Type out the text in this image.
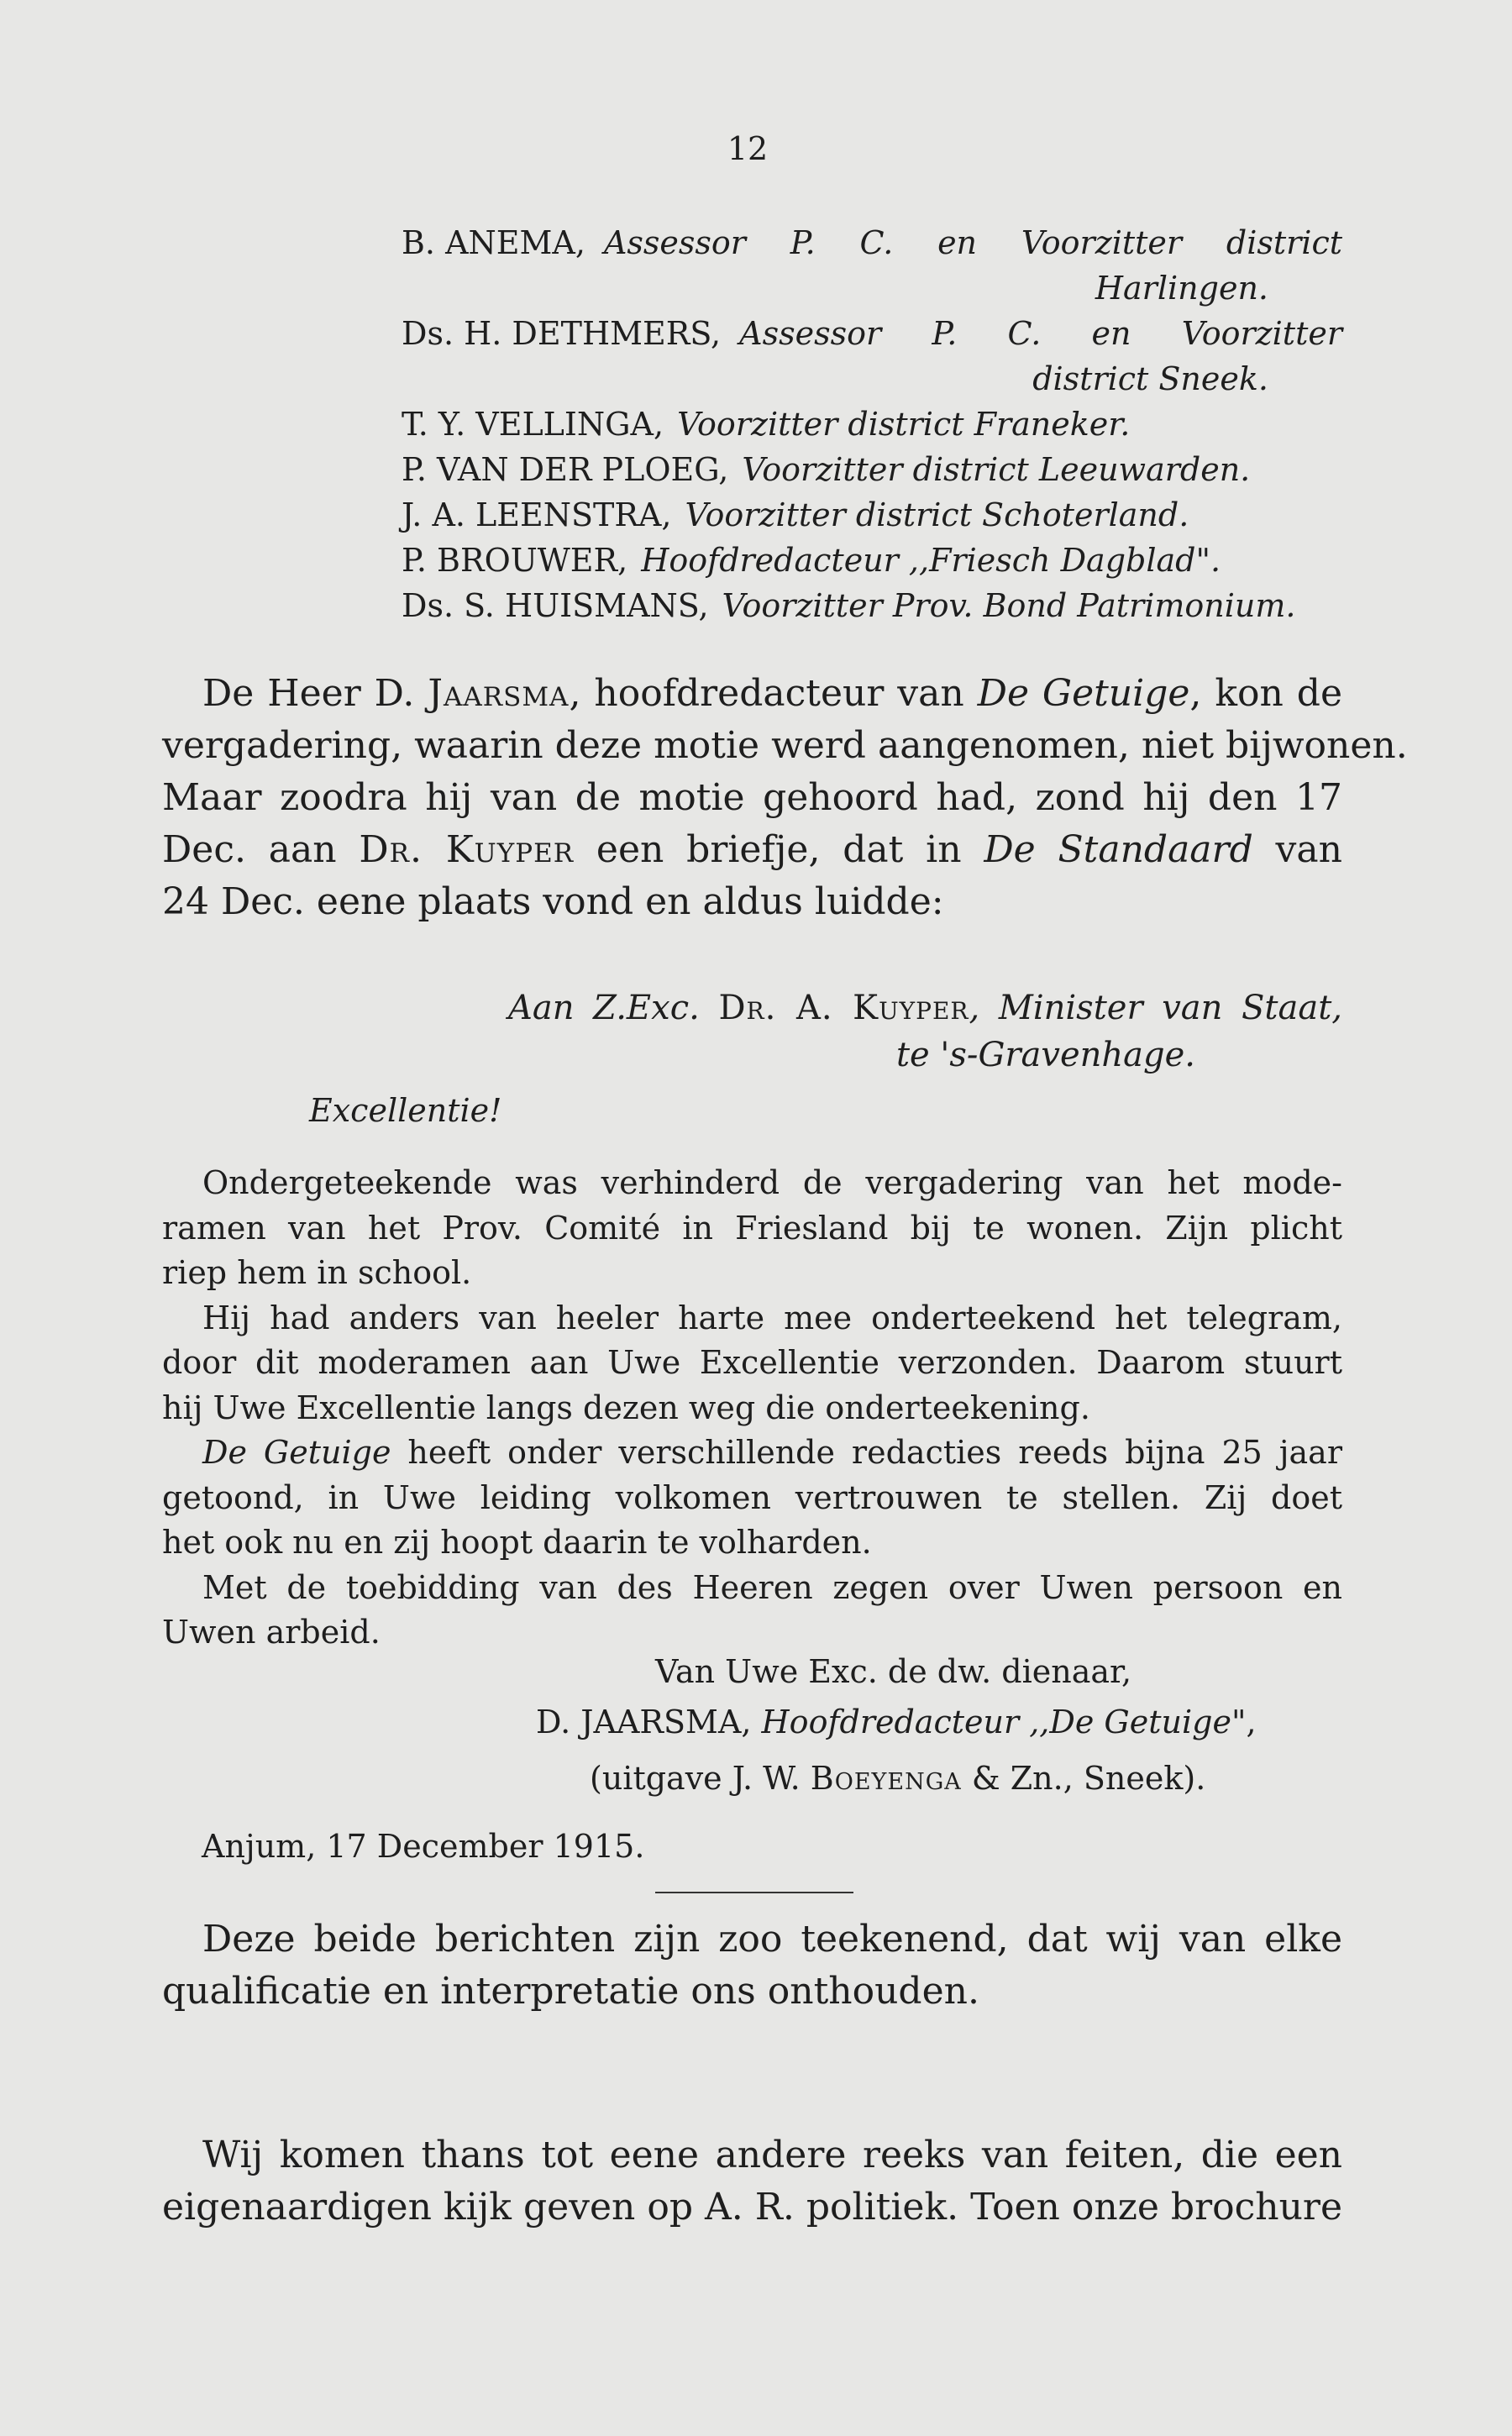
12
B. ANEMA, Assessor P. C. en Voorzitter district
Harlingen.
Ds. H. DETHMERS, Assessor P. C. en Voorzitter
district Sneek.
T. Y. VELLINGA, Voorzitter district Franeker.
P. VAN DER PLOEG, Voorzitter district Leeuwarden.
J. A. LEENSTRA, Voorzitter district Schoterland.
P. BROUWER, Hoofdredacteur ,,Friesch Dagblad".
Ds. S. HUISMANS, Voorzitter Prov. Bond Patrimonium.
De Heer D. Jaarsma, hoofdredacteur van De Getuige, kon de
vergadering, waarin deze motie werd aangenomen, niet bijwonen.
Maar zoodra hij van de motie gehoord had, zond hij den 17
Dec. aan Dr. Kuyper een briefje, dat in De Standaard van
24 Dec. eene plaats vond en aldus luidde:
Aan Z.Exc. Dr. A. Kuyper, Minister van Staat,
te 's-Gravenhage.
Excellentie!
Ondergeteekende was verhinderd de vergadering van het mode-
ramen van het Prov. Comité in Friesland bij te wonen. Zijn plicht
riep hem in school.
Hij had anders van heeler harte mee onderteekend het telegram,
door dit moderamen aan Uwe Excellentie verzonden. Daarom stuurt
hij Uwe Excellentie langs dezen weg die onderteekening.
De Getuige heeft onder verschillende redacties reeds bijna 25 jaar
getoond, in Uwe leiding volkomen vertrouwen te stellen. Zij doet
het ook nu en zij hoopt daarin te volharden.
Met de toebidding van des Heeren zegen over Uwen persoon en
Uwen arbeid.
Van Uwe Exc. de dw. dienaar,
D. JAARSMA, Hoofdredacteur ,,De Getuige",
(uitgave J. W. Boeyenga & Zn., Sneek).
Anjum, 17 December 1915.
Deze beide berichten zijn zoo teekenend, dat wij van elke
qualificatie en interpretatie ons onthouden.
Wij komen thans tot eene andere reeks van feiten, die een
eigenaardigen kijk geven op A. R. politiek. Toen onze brochure
